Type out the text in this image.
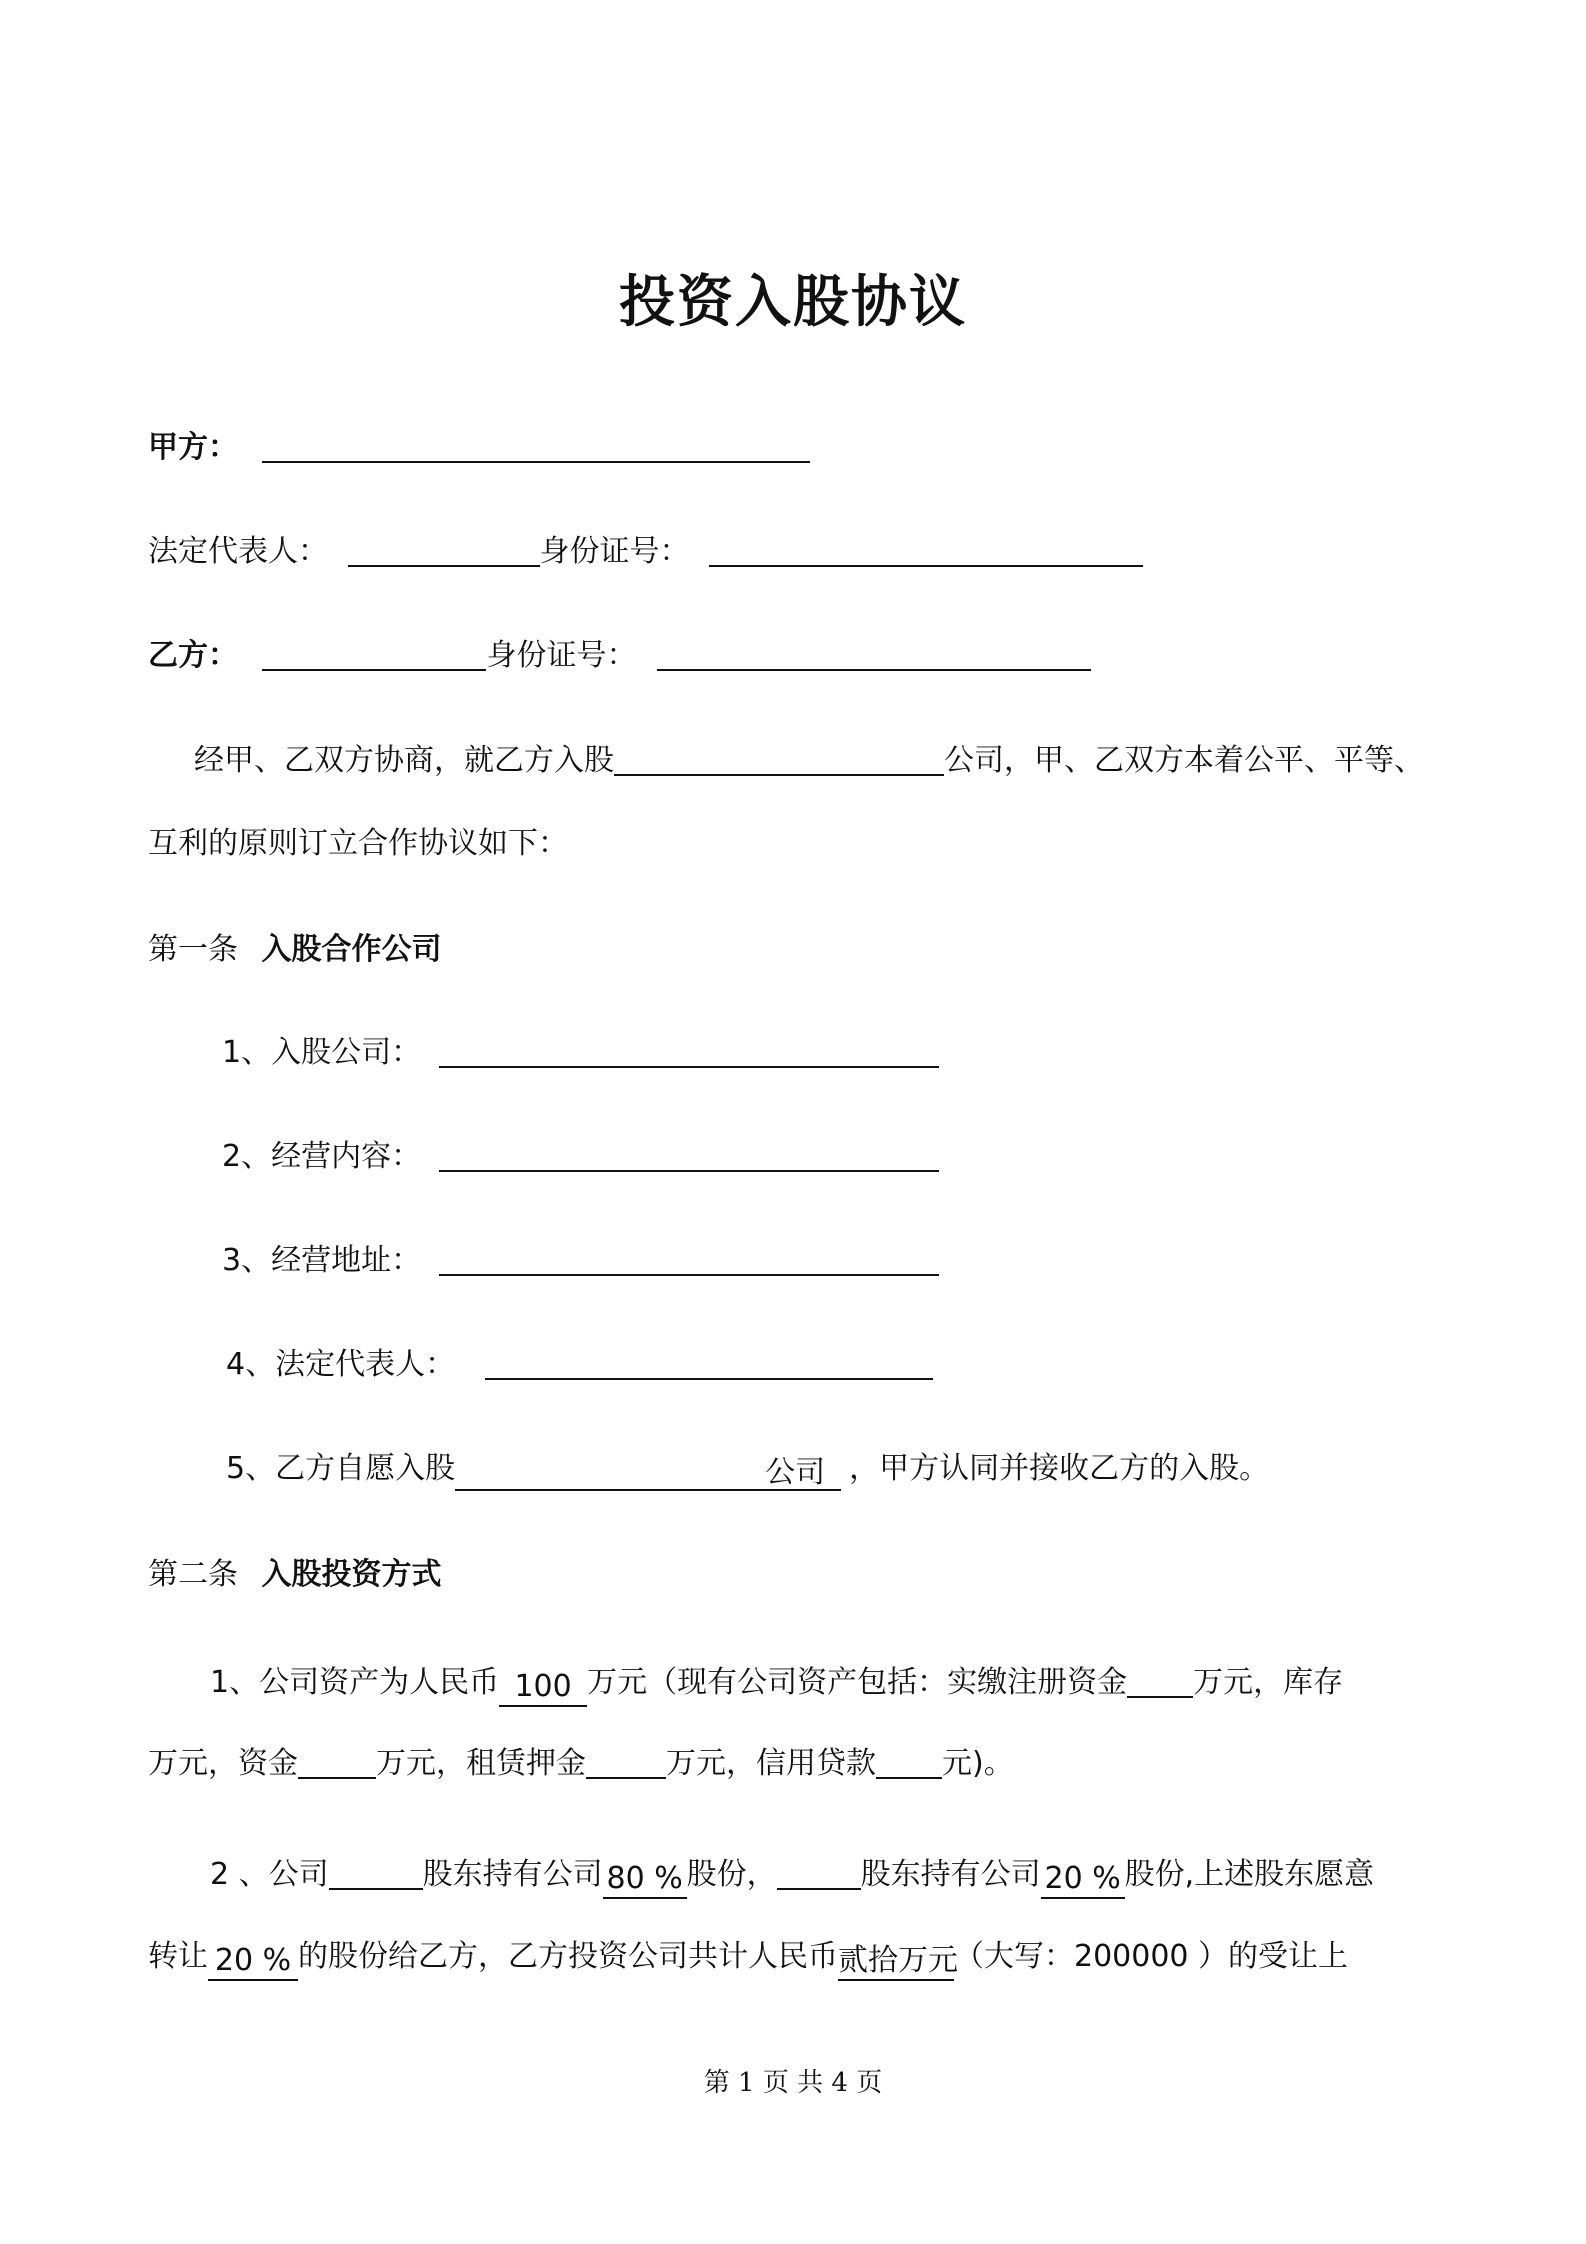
投资入股协议
甲方：
法定代表人：	身份证号：
乙方：	身份证号：
经甲、乙双方协商，就乙方入股	公司，甲、乙双方本着公平、平等、
互利的原则订立合作协议如下：
第一条 入股合作公司
1、入股公司：
2、经营内容：
3、经营地址：
4、法定代表人：
5、乙方自愿入股	公司 ，甲方认同并接收乙方的入股。
第二条 入股投资方式
1、公司资产为人民币 100 万元（现有公司资产包括：实缴注册资金 万元，库存
万元，资金	万元，租赁押金	万元，信用贷款 元)。
2 、公司	股东持有公司 80 % 股份，	股东持有公司 20 % 股份,上述股东愿意
转让 20 % 的股份给乙方，乙方投资公司共计人民币贰拾万元（大写：200000 ）的受让上
第 1 页 共 4 页
